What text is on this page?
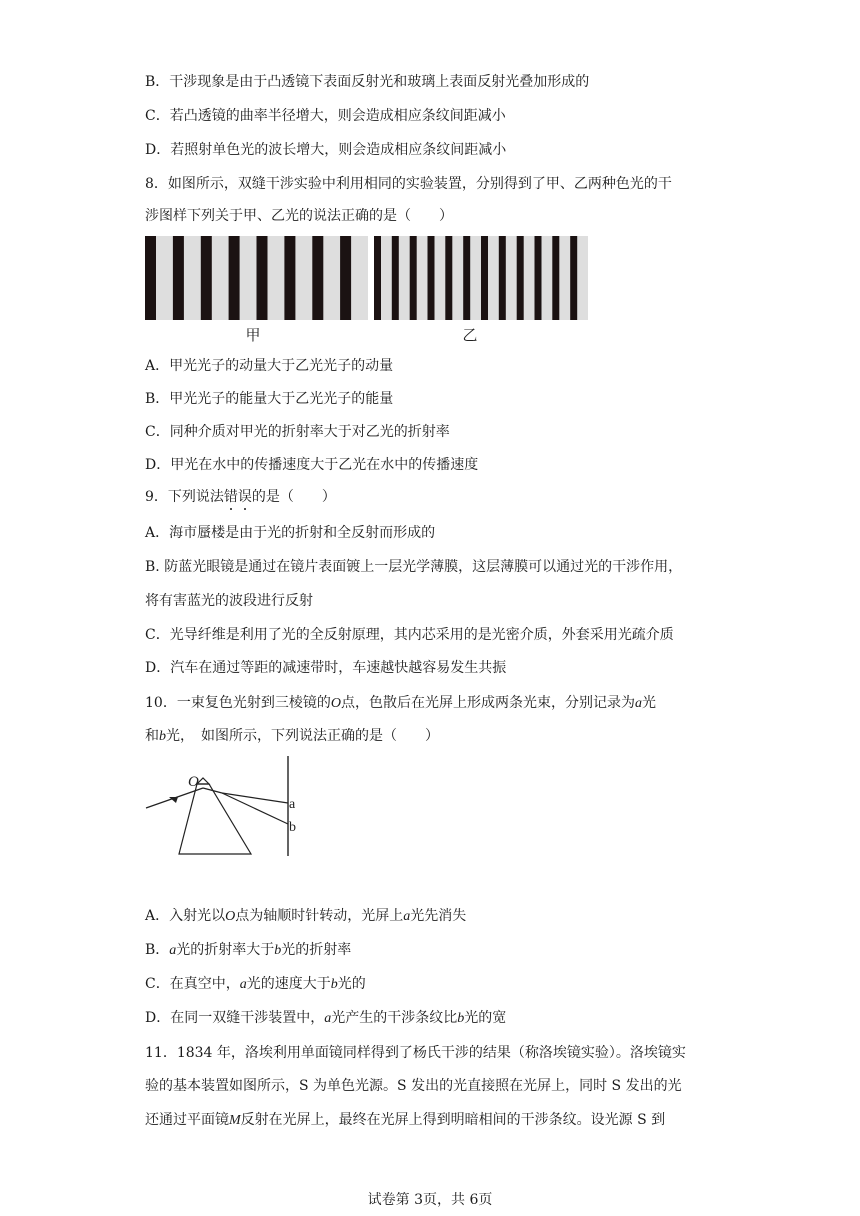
B．干涉现象是由于凸透镜下表面反射光和玻璃上表面反射光叠加形成的
C．若凸透镜的曲率半径增大，则会造成相应条纹间距减小
D．若照射单色光的波长增大，则会造成相应条纹间距减小
8．如图所示，双缝干涉实验中利用相同的实验装置，分别得到了甲、乙两种色光的干
涉图样下列关于甲、乙光的说法正确的是（　　）
甲	乙
A．甲光光子的动量大于乙光光子的动量
B．甲光光子的能量大于乙光光子的能量
C．同种介质对甲光的折射率大于对乙光的折射率
D．甲光在水中的传播速度大于乙光在水中的传播速度
9．下列说法错误的是（　　）
A．海市蜃楼是由于光的折射和全反射而形成的
B. 防蓝光眼镜是通过在镜片表面镀上一层光学薄膜，这层薄膜可以通过光的干涉作用，
将有害蓝光的波段进行反射
C．光导纤维是利用了光的全反射原理，其内芯采用的是光密介质，外套采用光疏介质
D．汽车在通过等距的减速带时，车速越快越容易发生共振
10．一束复色光射到三棱镜的O点，色散后在光屏上形成两条光束，分别记录为a光
和b光，　如图所示，下列说法正确的是（　　）
O
a
b
A．入射光以O点为轴顺时针转动，光屏上a光先消失
B．a光的折射率大于b光的折射率
C．在真空中，a光的速度大于b光的
D．在同一双缝干涉装置中，a光产生的干涉条纹比b光的宽
11．1834 年，洛埃利用单面镜同样得到了杨氏干涉的结果（称洛埃镜实验）。洛埃镜实
验的基本装置如图所示，S 为单色光源。S 发出的光直接照在光屏上，同时 S 发出的光
还通过平面镜M反射在光屏上，最终在光屏上得到明暗相间的干涉条纹。设光源 S 到
试卷第 3页，共 6页
